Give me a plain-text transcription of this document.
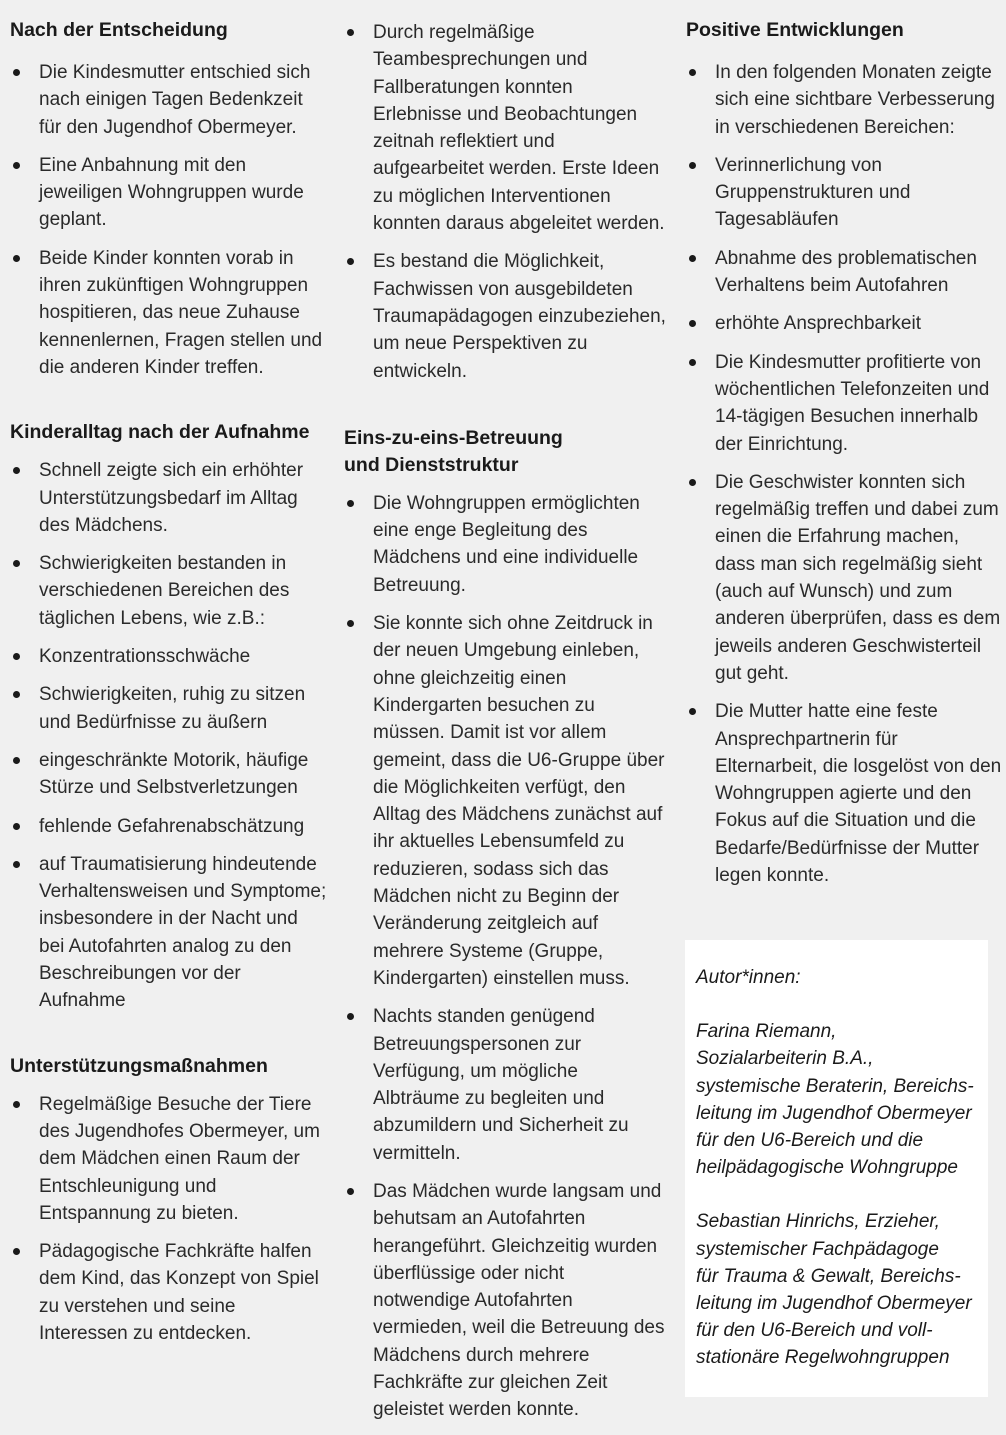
Nach der Entscheidung
Die Kindesmutter entschied sich nach einigen Tagen Bedenkzeit für den Jugendhof Obermeyer.
Eine Anbahnung mit den jeweiligen Wohngruppen wurde geplant.
Beide Kinder konnten vorab in ihren zukünftigen Wohngruppen hospitieren, das neue Zuhause kennenlernen, Fragen stellen und die anderen Kinder treffen.
Kinderalltag nach der Aufnahme
Schnell zeigte sich ein erhöhter Unterstützungsbedarf im Alltag des Mädchens.
Schwierigkeiten bestanden in verschiedenen Bereichen des täglichen Lebens, wie z.B.:
Konzentrationsschwäche
Schwierigkeiten, ruhig zu sitzen und Bedürfnisse zu äußern
eingeschränkte Motorik, häufige Stürze und Selbstverletzungen
fehlende Gefahrenabschätzung
auf Traumatisierung hindeutende Verhaltensweisen und Symptome; insbesondere in der Nacht und bei Autofahrten analog zu den Beschreibungen vor der Aufnahme
Unterstützungsmaßnahmen
Regelmäßige Besuche der Tiere des Jugendhofes Obermeyer, um dem Mädchen einen Raum der Entschleunigung und Entspannung zu bieten.
Pädagogische Fachkräfte halfen dem Kind, das Konzept von Spiel zu verstehen und seine Interessen zu entdecken.
Durch regelmäßige Teambesprechungen und Fallberatungen konnten Erlebnisse und Beobachtungen zeitnah reflektiert und aufgearbeitet werden. Erste Ideen zu möglichen Interventionen konnten daraus abgeleitet werden.
Es bestand die Möglichkeit, Fachwissen von ausgebildeten Traumapädagogen einzubeziehen, um neue Perspektiven zu entwickeln.
Eins-zu-eins-Betreuung
und Dienststruktur
Die Wohngruppen ermöglichten eine enge Begleitung des Mädchens und eine individuelle Betreuung.
Sie konnte sich ohne Zeitdruck in der neuen Umgebung einleben, ohne gleichzeitig einen Kindergarten besuchen zu müssen. Damit ist vor allem gemeint, dass die U6-Gruppe über die Möglichkeiten verfügt, den Alltag des Mädchens zunächst auf ihr aktuelles Lebensumfeld zu reduzieren, sodass sich das Mädchen nicht zu Beginn der Veränderung zeitgleich auf mehrere Systeme (Gruppe, Kindergarten) einstellen muss.
Nachts standen genügend Betreuungspersonen zur Verfügung, um mögliche Albträume zu begleiten und abzumildern und Sicherheit zu vermitteln.
Das Mädchen wurde langsam und behutsam an Autofahrten herangeführt. Gleichzeitig wurden überflüssige oder nicht notwendige Autofahrten vermieden, weil die Betreuung des Mädchens durch mehrere Fachkräfte zur gleichen Zeit geleistet werden konnte.
Positive Entwicklungen
In den folgenden Monaten zeigte sich eine sichtbare Verbesserung in verschiedenen Bereichen:
Verinnerlichung von Gruppenstrukturen und Tagesabläufen
Abnahme des problematischen Verhaltens beim Autofahren
erhöhte Ansprechbarkeit
Die Kindesmutter profitierte von wöchentlichen Telefonzeiten und 14-tägigen Besuchen innerhalb der Einrichtung.
Die Geschwister konnten sich regelmäßig treffen und dabei zum einen die Erfahrung machen, dass man sich regelmäßig sieht (auch auf Wunsch) und zum anderen überprüfen, dass es dem jeweils anderen Geschwisterteil gut geht.
Die Mutter hatte eine feste Ansprechpartnerin für Elternarbeit, die losgelöst von den Wohngruppen agierte und den Fokus auf die Situation und die Bedarfe/Bedürfnisse der Mutter legen konnte.

Autor*innen:

Farina Riemann,

Sozialarbeiterin B.A.,

systemische Beraterin, Bereichs-

leitung im Jugendhof Obermeyer

für den U6-Bereich und die

heilpädagogische Wohngruppe

Sebastian Hinrichs, Erzieher,

systemischer Fachpädagoge

für Trauma & Gewalt, Bereichs-

leitung im Jugendhof Obermeyer

für den U6-Bereich und voll-

stationäre Regelwohngruppen
